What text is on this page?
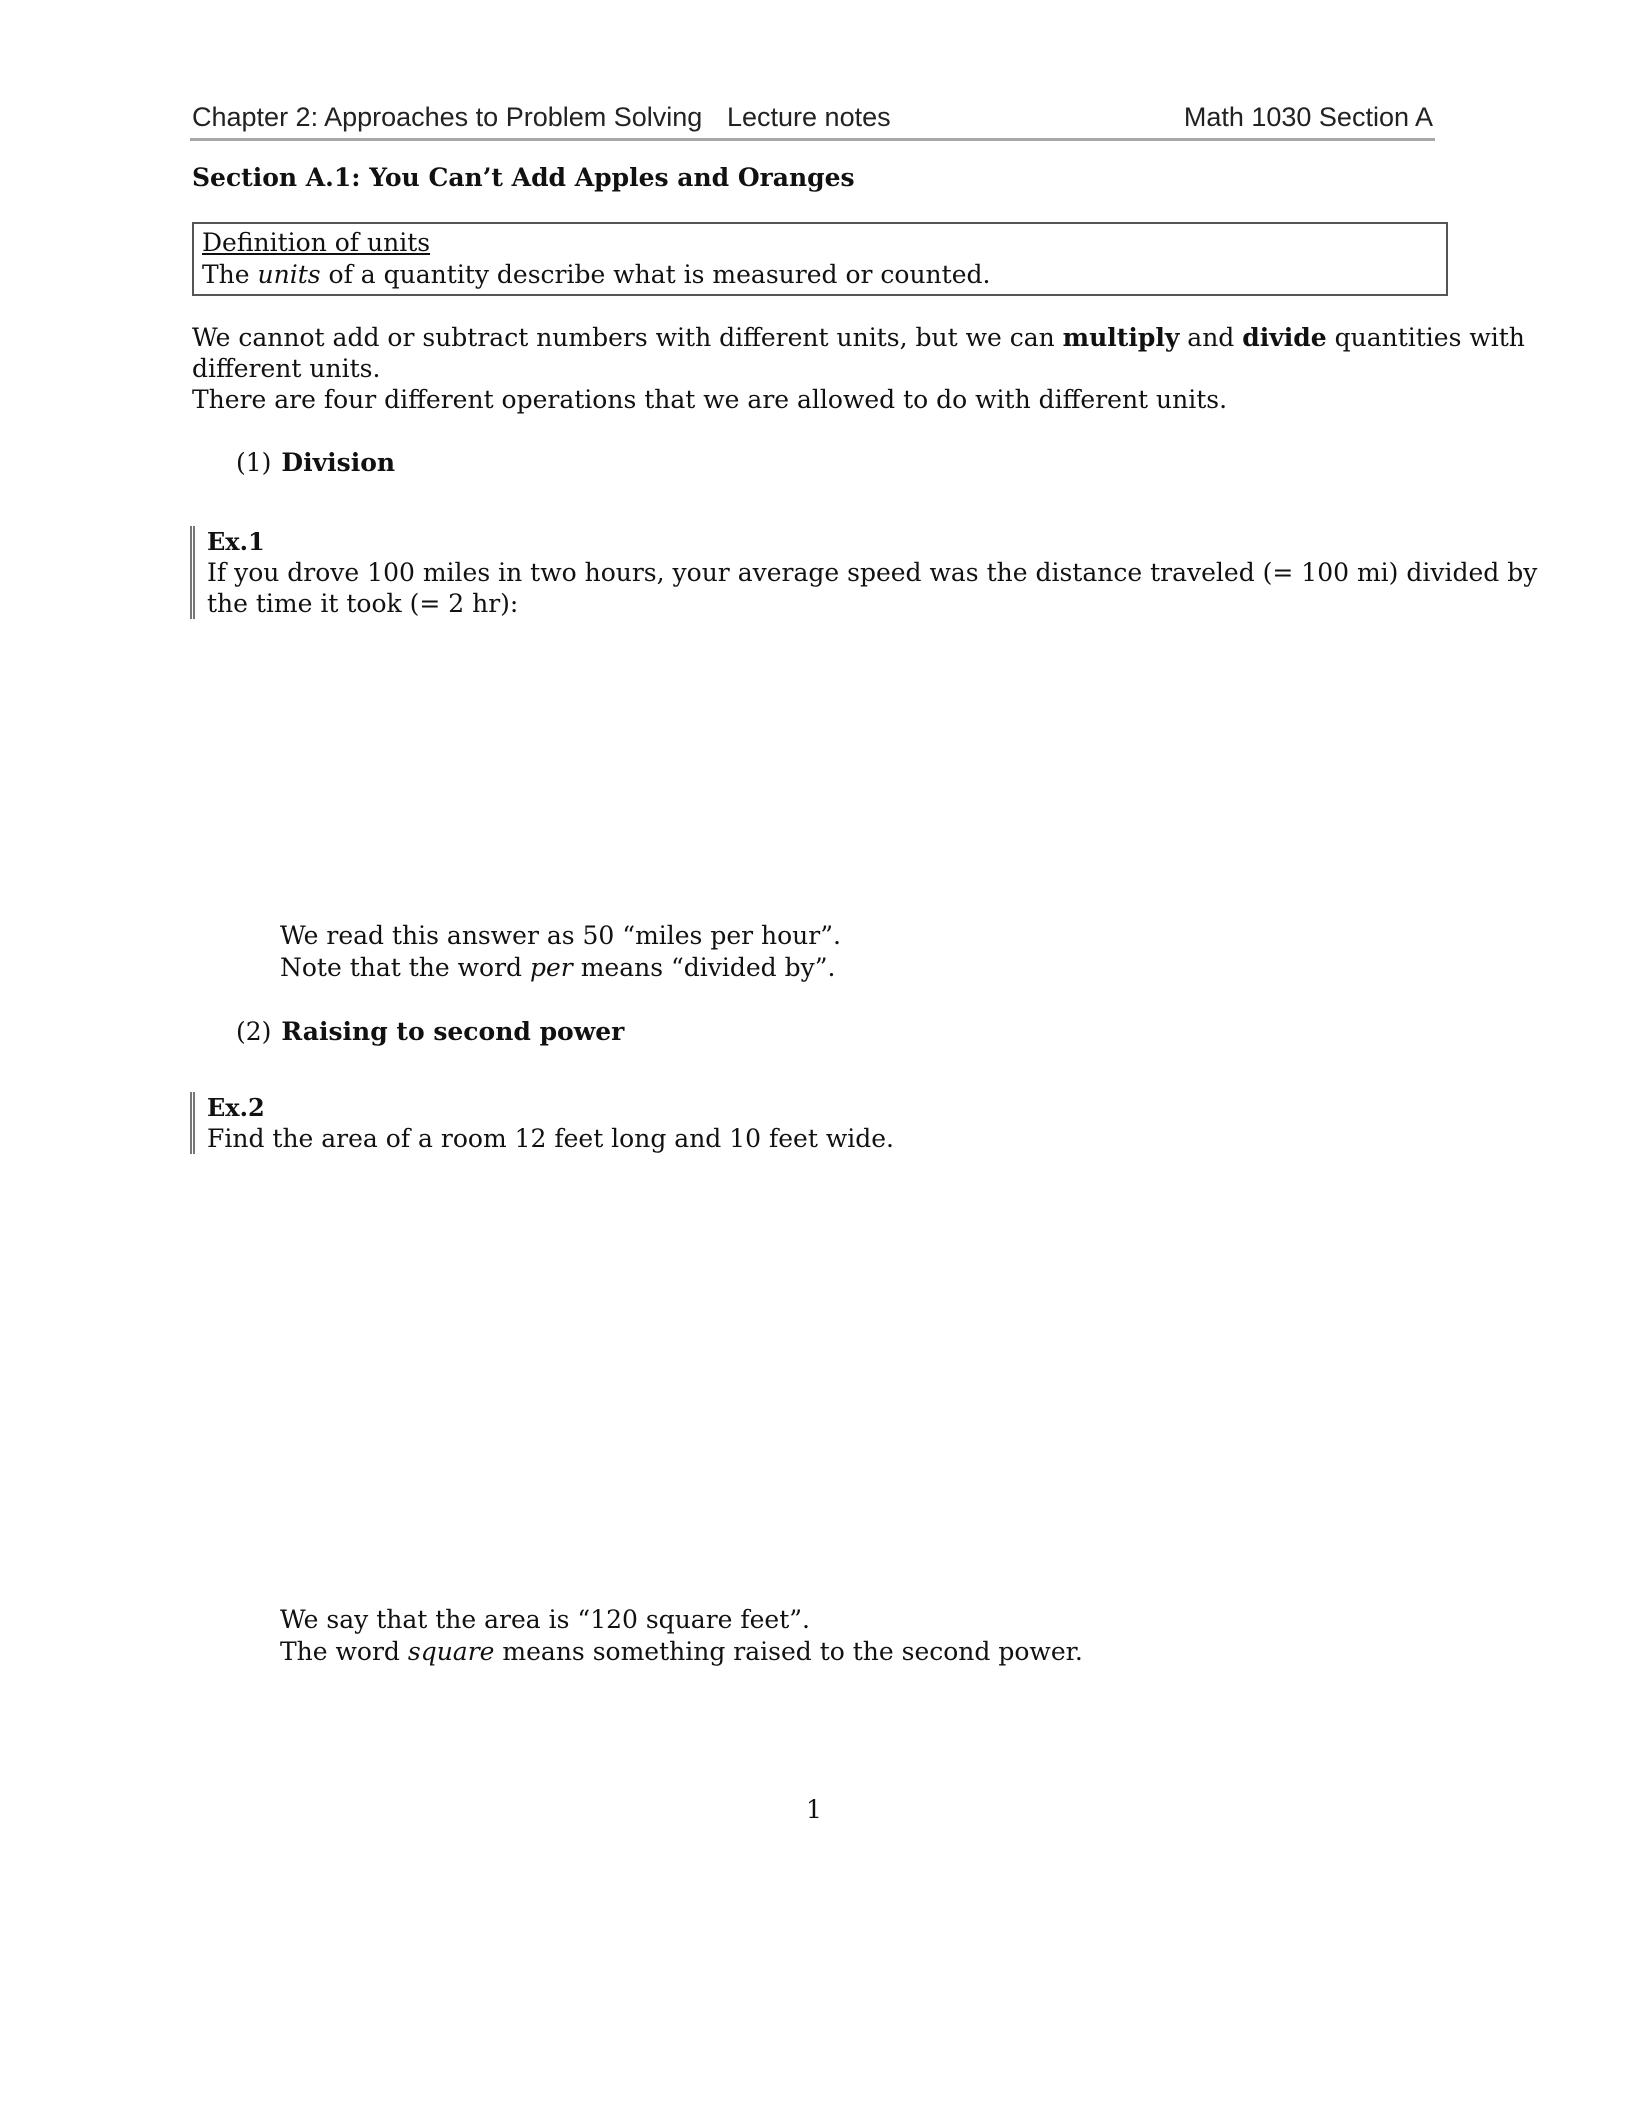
Chapter 2: Approaches to Problem Solving Lecture notes	Math 1030 Section A
Section A.1: You Can’t Add Apples and Oranges
Definition of units
The units of a quantity describe what is measured or counted.
We cannot add or subtract numbers with different units, but we can multiply and divide quantities with
different units.
There are four different operations that we are allowed to do with different units.
(1) Division
Ex.1
If you drove 100 miles in two hours, your average speed was the distance traveled (= 100 mi) divided by
the time it took (= 2 hr):
We read this answer as 50 “miles per hour”.
Note that the word per means “divided by”.
(2) Raising to second power
Ex.2
Find the area of a room 12 feet long and 10 feet wide.
We say that the area is “120 square feet”.
The word square means something raised to the second power.
1
